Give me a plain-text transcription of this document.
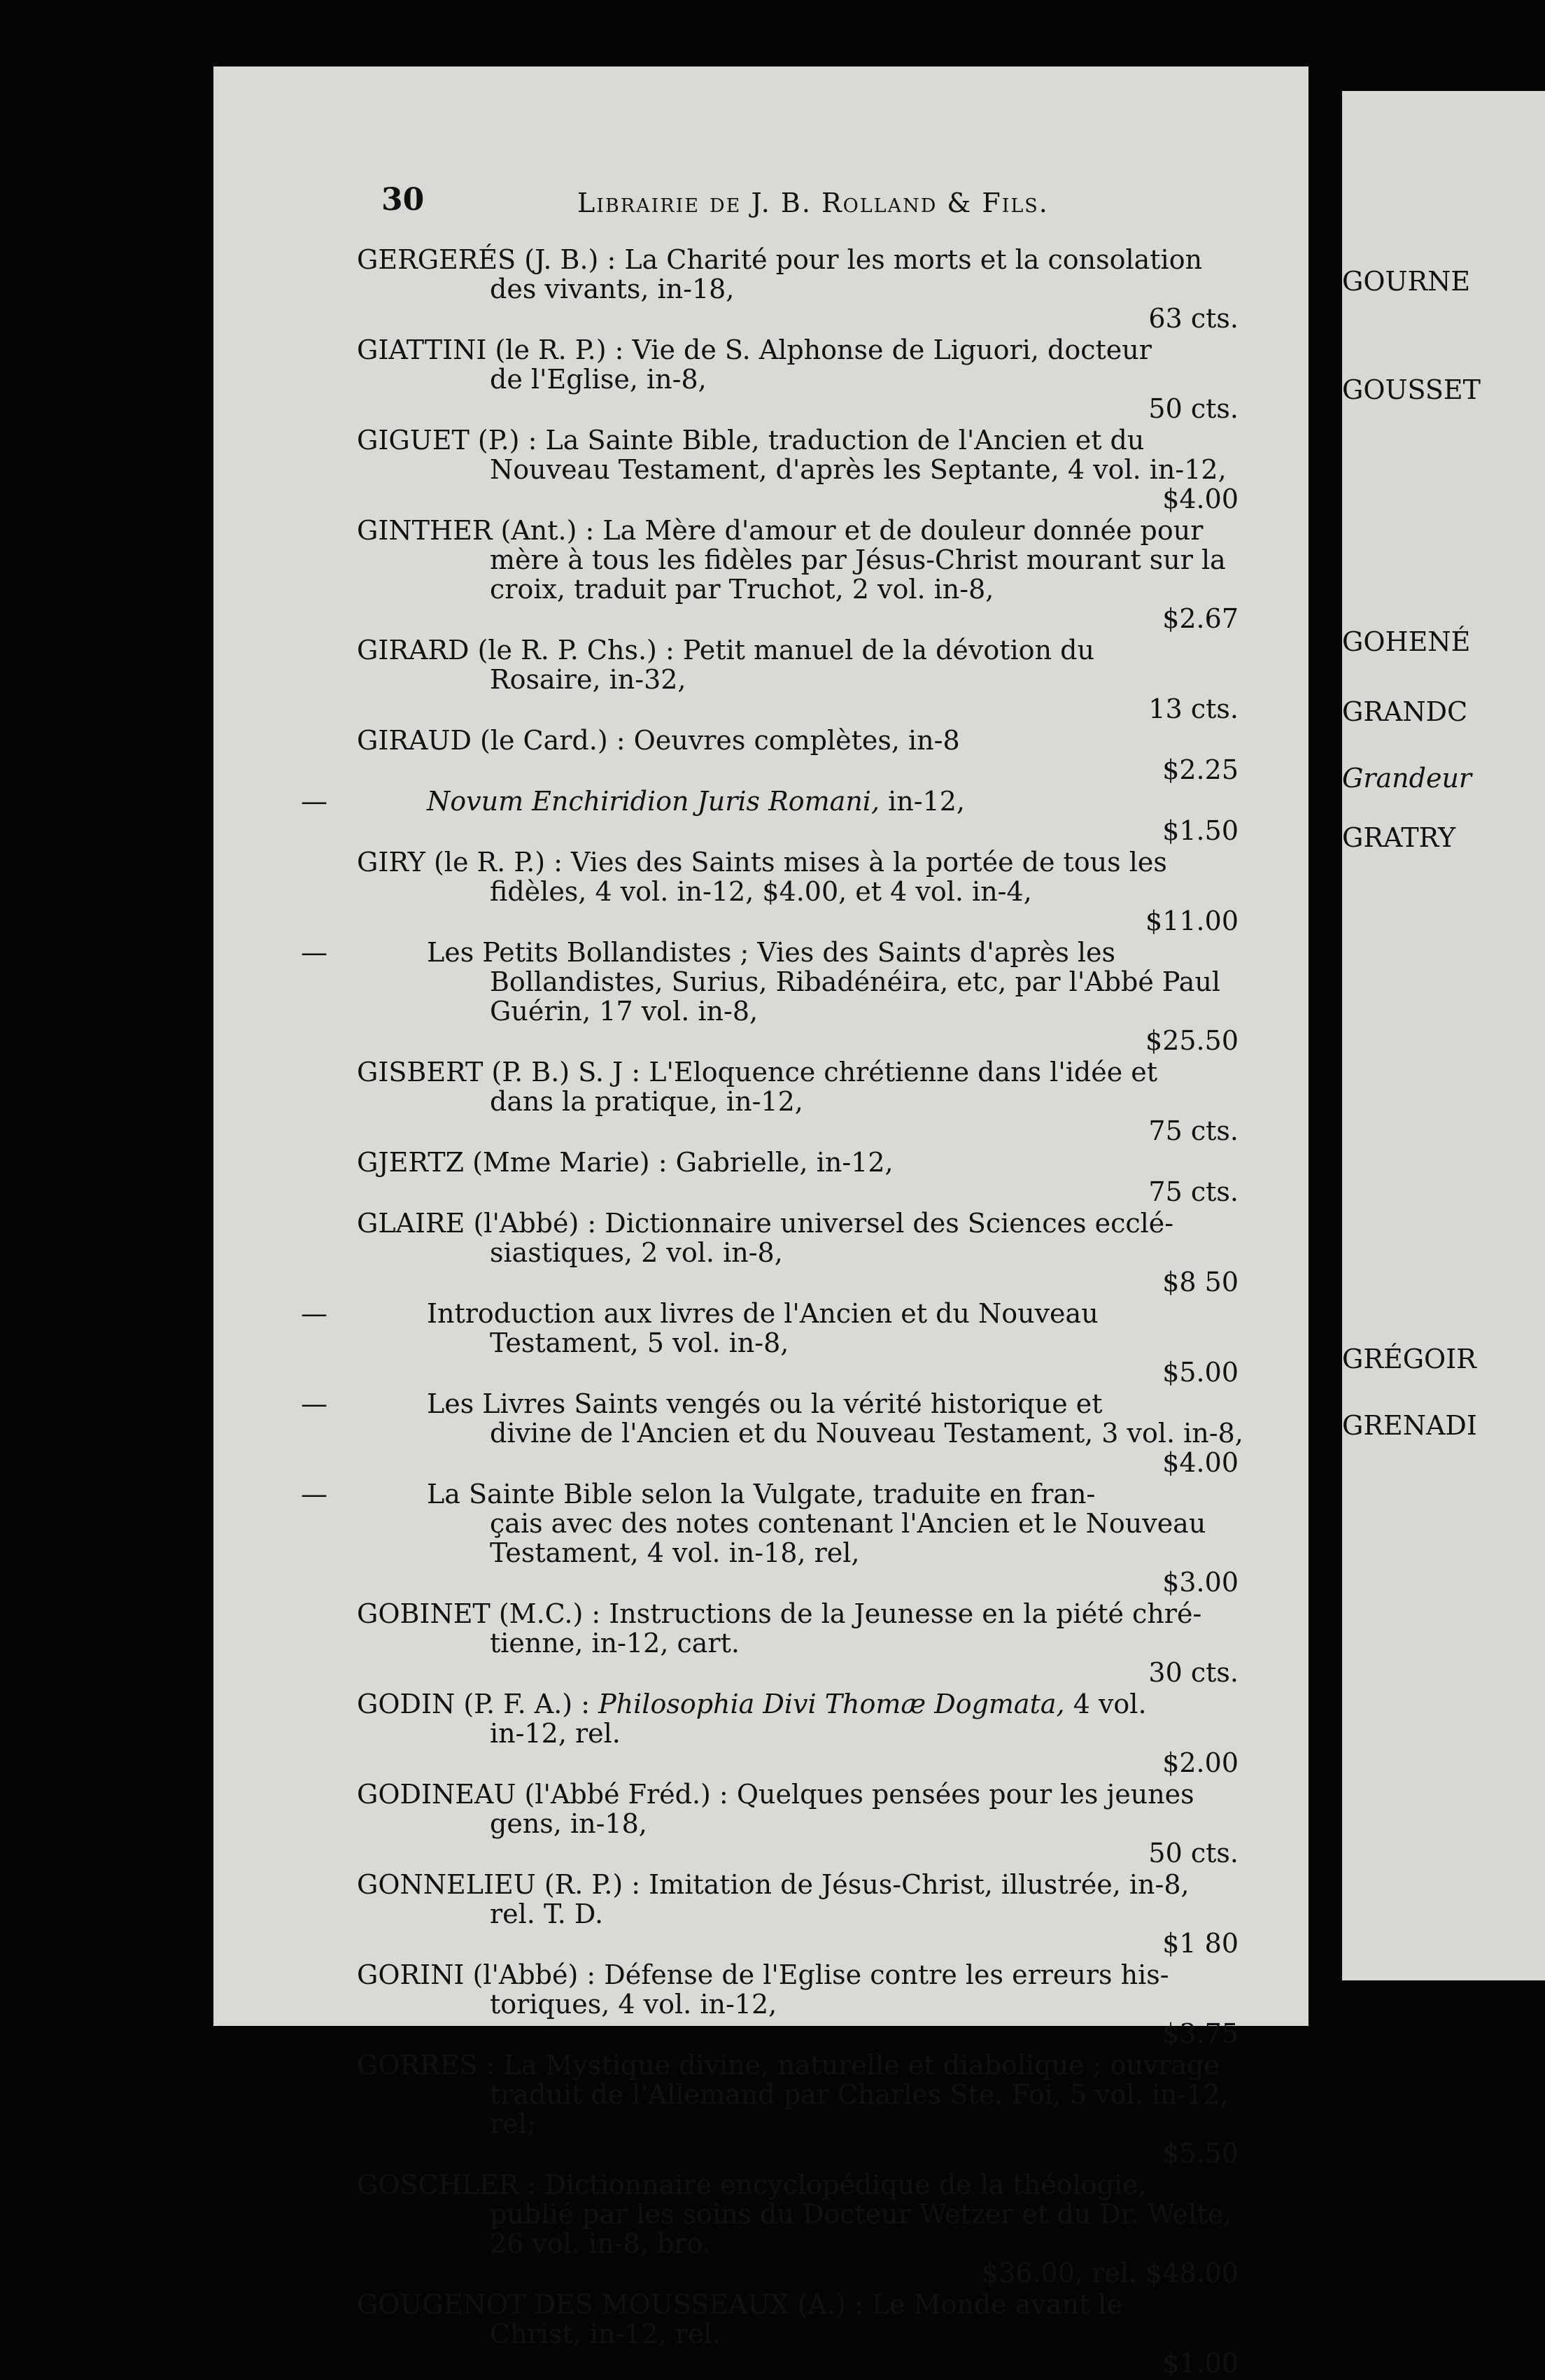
30	Librairie de J. B. Rolland & Fils.
GERGERÉS (J. B.) : La Charité pour les morts et la consolation
des vivants, in-18,
63 cts.
GIATTINI (le R. P.) : Vie de S. Alphonse de Liguori, docteur
de l'Eglise, in-8,
50 cts.
GIGUET (P.) : La Sainte Bible, traduction de l'Ancien et du
Nouveau Testament, d'après les Septante, 4 vol. in-12,
$4.00
GINTHER (Ant.) : La Mère d'amour et de douleur donnée pour
mère à tous les fidèles par Jésus-Christ mourant sur la croix, traduit par Truchot, 2 vol. in-8,
$2.67
GIRARD (le R. P. Chs.) : Petit manuel de la dévotion du
Rosaire, in-32,
13 cts.
GIRAUD (le Card.) : Oeuvres complètes, in-8
$2.25
—	Novum Enchiridion Juris Romani, in-12,
$1.50
GIRY (le R. P.) : Vies des Saints mises à la portée de tous les
fidèles, 4 vol. in-12, $4.00, et 4 vol. in-4,
$11.00
—	Les Petits Bollandistes ; Vies des Saints d'après les
Bollandistes, Surius, Ribadénéira, etc, par l'Abbé Paul Guérin, 17 vol. in-8,
$25.50
GISBERT (P. B.) S. J : L'Eloquence chrétienne dans l'idée et
dans la pratique, in-12,
75 cts.
GJERTZ (Mme Marie) : Gabrielle, in-12,
75 cts.
GLAIRE (l'Abbé) : Dictionnaire universel des Sciences ecclé-
siastiques, 2 vol. in-8,
$8 50
—	Introduction aux livres de l'Ancien et du Nouveau
Testament, 5 vol. in-8,
$5.00
—	Les Livres Saints vengés ou la vérité historique et
divine de l'Ancien et du Nouveau Testament, 3 vol. in-8,
$4.00
—	La Sainte Bible selon la Vulgate, traduite en fran-
çais avec des notes contenant l'Ancien et le Nouveau Testament, 4 vol. in-18, rel,
$3.00
GOBINET (M.C.) : Instructions de la Jeunesse en la piété chré-
tienne, in-12, cart.
30 cts.
GODIN (P. F. A.) : Philosophia Divi Thomæ Dogmata, 4 vol.
in-12, rel.
$2.00
GODINEAU (l'Abbé Fréd.) : Quelques pensées pour les jeunes
gens, in-18,
50 cts.
GONNELIEU (R. P.) : Imitation de Jésus-Christ, illustrée, in-8,
rel. T. D.
$1 80
GORINI (l'Abbé) : Défense de l'Eglise contre les erreurs his-
toriques, 4 vol. in-12,
$3.75
GORRES : La Mystique divine, naturelle et diabolique ; ouvrage
traduit de l'Allemand par Charles Ste. Foi, 5 vol. in-12, rel;
$5.50
GOSCHLER : Dictionnaire encyclopédique de la théologie,
publié par les soins du Docteur Wetzer et du Dr. Welte, 26 vol. in-8, bro.
$36.00, rel. $48.00
GOUGENOT DES MOUSSEAUX (A.) : Le Monde avant le
Christ, in-12, rel.
$1.00
GOURNE
GOUSSET
GOHENÉ
GRANDC
Grandeur
GRATRY
GRÉGOIR
GRENADI
